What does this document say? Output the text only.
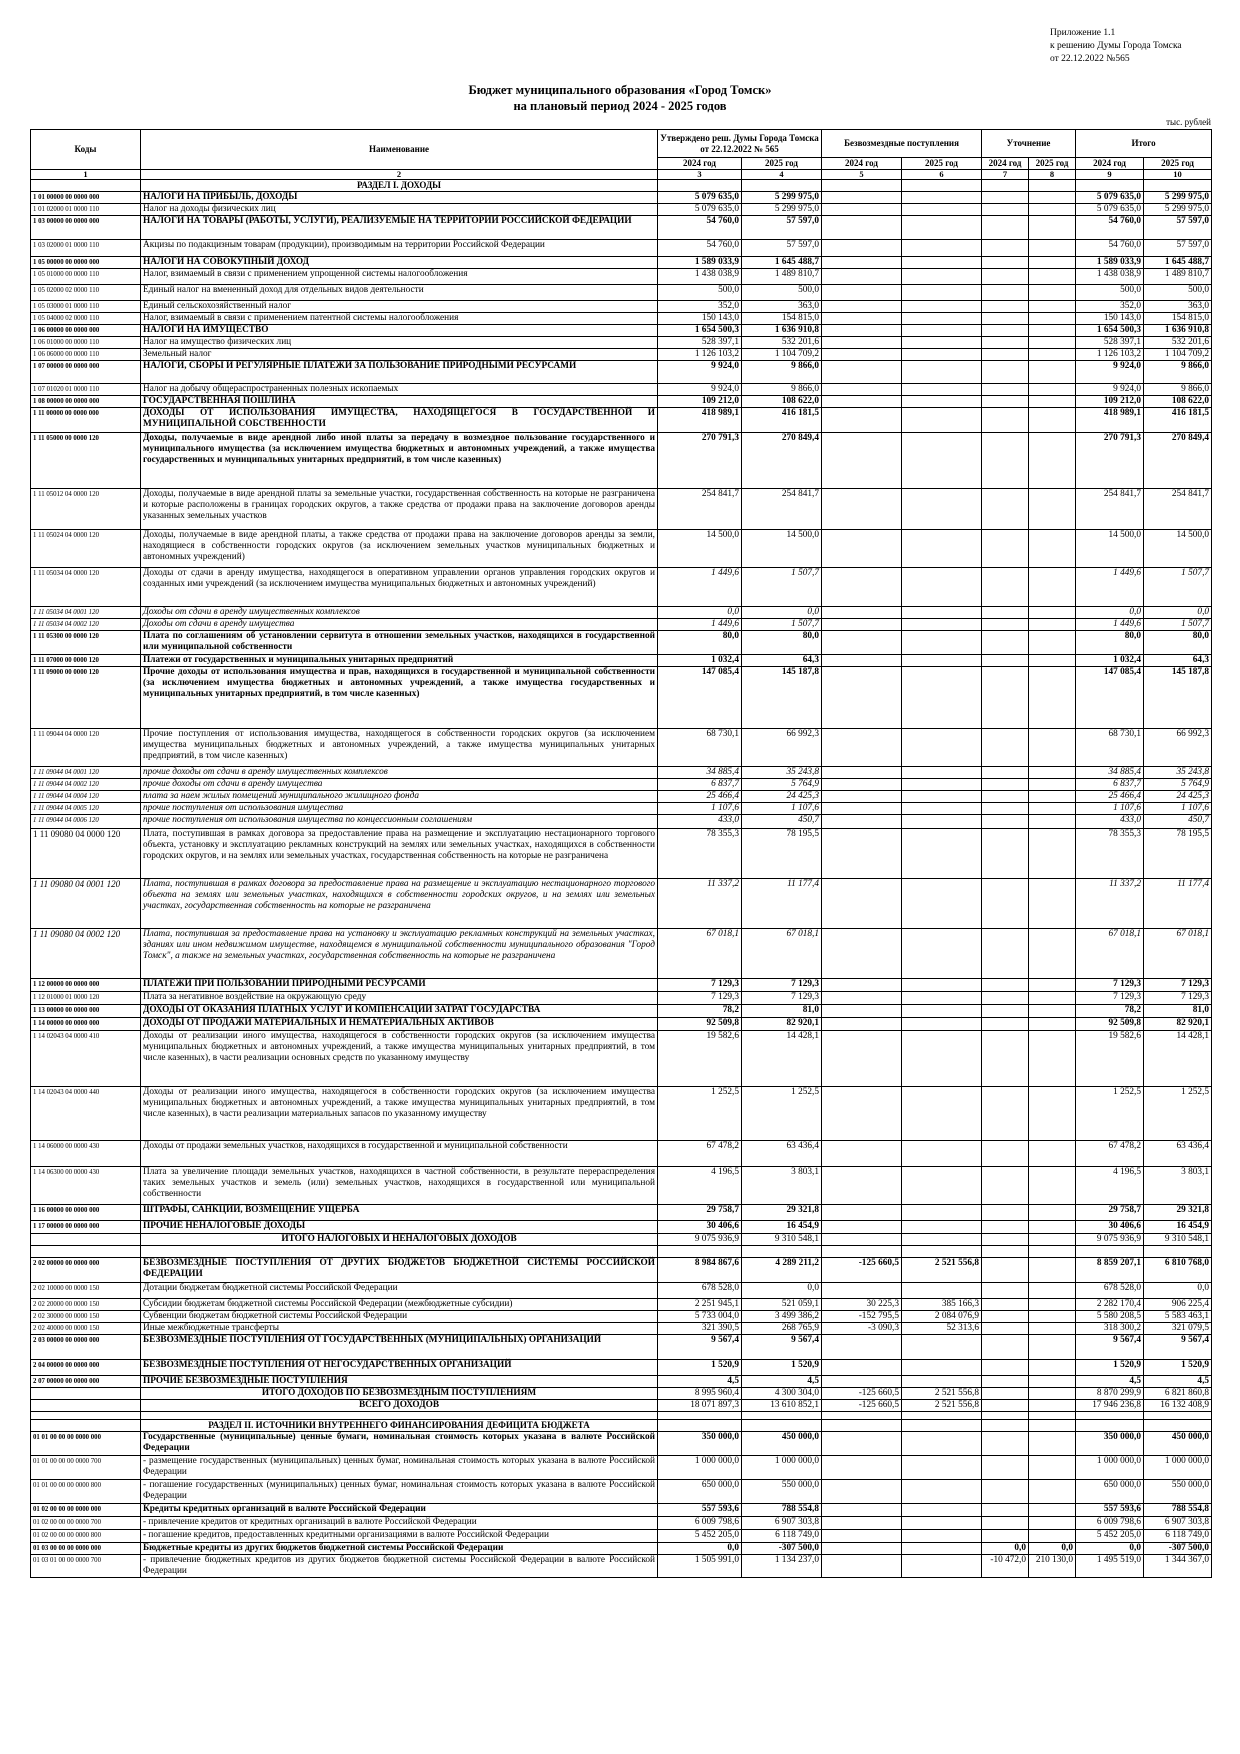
Приложение 1.1
к решению Думы Города Томска
от 22.12.2022 №565
Бюджет муниципального образования «Город Томск»
на плановый период 2024 - 2025 годов
тыс. рублей
Коды	Наименование	Утверждено реш. Думы Города Томска от 22.12.2022 № 565		Безвозмездные поступления		Уточнение		Итого	
		2024 год	2025 год	2024 год	2025 год	2024 год	2025 год	2024 год	2025 год
1	2	3	4	5	6	7	8	9	10
	РАЗДЕЛ I. ДОХОДЫ								
1 01 00000 00 0000 000	НАЛОГИ НА ПРИБЫЛЬ, ДОХОДЫ	5 079 635,0	5 299 975,0					5 079 635,0	5 299 975,0
1 01 02000 01 0000 110	Налог на доходы физических лиц	5 079 635,0	5 299 975,0					5 079 635,0	5 299 975,0
1 03 00000 00 0000 000	НАЛОГИ НА ТОВАРЫ (РАБОТЫ, УСЛУГИ), РЕАЛИЗУЕМЫЕ НА ТЕРРИТОРИИ РОССИЙСКОЙ ФЕДЕРАЦИИ	54 760,0	57 597,0					54 760,0	57 597,0
1 03 02000 01 0000 110	Акцизы по подакцизным товарам (продукции), производимым на территории Российской Федерации	54 760,0	57 597,0					54 760,0	57 597,0
1 05 00000 00 0000 000	НАЛОГИ НА СОВОКУПНЫЙ ДОХОД	1 589 033,9	1 645 488,7					1 589 033,9	1 645 488,7
1 05 01000 00 0000 110	Налог, взимаемый в связи с применением упрощенной системы налогообложения	1 438 038,9	1 489 810,7					1 438 038,9	1 489 810,7
1 05 02000 02 0000 110	Единый налог на вмененный доход для отдельных видов деятельности	500,0	500,0					500,0	500,0
1 05 03000 01 0000 110	Единый сельскохозяйственный налог	352,0	363,0					352,0	363,0
1 05 04000 02 0000 110	Налог, взимаемый в связи с применением патентной системы налогообложения	150 143,0	154 815,0					150 143,0	154 815,0
1 06 00000 00 0000 000	НАЛОГИ НА ИМУЩЕСТВО	1 654 500,3	1 636 910,8					1 654 500,3	1 636 910,8
1 06 01000 00 0000 110	Налог на имущество физических лиц	528 397,1	532 201,6					528 397,1	532 201,6
1 06 06000 00 0000 110	Земельный налог	1 126 103,2	1 104 709,2					1 126 103,2	1 104 709,2
1 07 00000 00 0000 000	НАЛОГИ, СБОРЫ И РЕГУЛЯРНЫЕ ПЛАТЕЖИ ЗА ПОЛЬЗОВАНИЕ ПРИРОДНЫМИ РЕСУРСАМИ	9 924,0	9 866,0					9 924,0	9 866,0
1 07 01020 01 0000 110	Налог на добычу общераспространенных полезных ископаемых	9 924,0	9 866,0					9 924,0	9 866,0
1 08 00000 00 0000 000	ГОСУДАРСТВЕННАЯ ПОШЛИНА	109 212,0	108 622,0					109 212,0	108 622,0
1 11 00000 00 0000 000	ДОХОДЫ ОТ ИСПОЛЬЗОВАНИЯ ИМУЩЕСТВА, НАХОДЯЩЕГОСЯ В ГОСУДАРСТВЕННОЙ И МУНИЦИПАЛЬНОЙ СОБСТВЕННОСТИ	418 989,1	416 181,5					418 989,1	416 181,5
1 11 05000 00 0000 120	Доходы, получаемые в виде арендной либо иной платы за передачу в возмездное пользование государственного и муниципального имущества (за исключением имущества бюджетных и автономных учреждений, а также имущества государственных и муниципальных унитарных предприятий, в том числе казенных)	270 791,3	270 849,4					270 791,3	270 849,4
1 11 05012 04 0000 120	Доходы, получаемые в виде арендной платы за земельные участки, государственная собственность на которые не разграничена и которые расположены в границах городских округов, а также средства от продажи права на заключение договоров аренды указанных земельных участков	254 841,7	254 841,7					254 841,7	254 841,7
1 11 05024 04 0000 120	Доходы, получаемые в виде арендной платы, а также средства от продажи права на заключение договоров аренды за земли, находящиеся в собственности городских округов (за исключением земельных участков муниципальных бюджетных и автономных учреждений)	14 500,0	14 500,0					14 500,0	14 500,0
1 11 05034 04 0000 120	Доходы от сдачи в аренду имущества, находящегося в оперативном управлении органов управления городских округов и созданных ими учреждений (за исключением имущества муниципальных бюджетных и автономных учреждений)	1 449,6	1 507,7					1 449,6	1 507,7
1 11 05034 04 0001 120	Доходы от сдачи в аренду имущественных комплексов	0,0	0,0					0,0	0,0
1 11 05034 04 0002 120	Доходы от сдачи в аренду имущества	1 449,6	1 507,7					1 449,6	1 507,7
1 11 05300 00 0000 120	Плата по соглашениям об установлении сервитута в отношении земельных участков, находящихся в государственной или муниципальной собственности	80,0	80,0					80,0	80,0
1 11 07000 00 0000 120	Платежи от государственных и муниципальных унитарных предприятий	1 032,4	64,3					1 032,4	64,3
1 11 09000 00 0000 120	Прочие доходы от использования имущества и прав, находящихся в государственной и муниципальной собственности (за исключением имущества бюджетных и автономных учреждений, а также имущества государственных и муниципальных унитарных предприятий, в том числе казенных)	147 085,4	145 187,8					147 085,4	145 187,8
1 11 09044 04 0000 120	Прочие поступления от использования имущества, находящегося в собственности городских округов (за исключением имущества муниципальных бюджетных и автономных учреждений, а также имущества муниципальных унитарных предприятий, в том числе казенных)	68 730,1	66 992,3					68 730,1	66 992,3
1 11 09044 04 0001 120	прочие доходы от сдачи в аренду имущественных комплексов	34 885,4	35 243,8					34 885,4	35 243,8
1 11 09044 04 0002 120	прочие доходы от сдачи в аренду имущества	6 837,7	5 764,9					6 837,7	5 764,9
1 11 09044 04 0004 120	плата за наем жилых помещений муниципального жилищного фонда	25 466,4	24 425,3					25 466,4	24 425,3
1 11 09044 04 0005 120	прочие поступления от использования имущества	1 107,6	1 107,6					1 107,6	1 107,6
1 11 09044 04 0006 120	прочие поступления от использования имущества по концессионным соглашениям	433,0	450,7					433,0	450,7
1 11 09080 04 0000 120	Плата, поступившая в рамках договора за предоставление права на размещение и эксплуатацию нестационарного торгового объекта, установку и эксплуатацию рекламных конструкций на землях или земельных участках, находящихся в собственности городских округов, и на землях или земельных участках, государственная собственность на которые не разграничена	78 355,3	78 195,5					78 355,3	78 195,5
1 11 09080 04 0001 120	Плата, поступившая в рамках договора за предоставление права на размещение и эксплуатацию нестационарного торгового объекта на землях или земельных участках, находящихся в собственности городских округов, и на землях или земельных участках, государственная собственность на которые не разграничена	11 337,2	11 177,4					11 337,2	11 177,4
1 11 09080 04 0002 120	Плата, поступившая за предоставление права на установку и эксплуатацию рекламных конструкций на земельных участках, зданиях или ином недвижимом имуществе, находящемся в муниципальной собственности муниципального образования "Город Томск", а также на земельных участках, государственная собственность на которые не разграничена	67 018,1	67 018,1					67 018,1	67 018,1
1 12 00000 00 0000 000	ПЛАТЕЖИ ПРИ ПОЛЬЗОВАНИИ ПРИРОДНЫМИ РЕСУРСАМИ	7 129,3	7 129,3					7 129,3	7 129,3
1 12 01000 01 0000 120	Плата за негативное воздействие на окружающую среду	7 129,3	7 129,3					7 129,3	7 129,3
1 13 00000 00 0000 000	ДОХОДЫ ОТ ОКАЗАНИЯ ПЛАТНЫХ УСЛУГ И КОМПЕНСАЦИИ ЗАТРАТ ГОСУДАРСТВА	78,2	81,0					78,2	81,0
1 14 00000 00 0000 000	ДОХОДЫ ОТ ПРОДАЖИ МАТЕРИАЛЬНЫХ И НЕМАТЕРИАЛЬНЫХ АКТИВОВ	92 509,8	82 920,1					92 509,8	82 920,1
1 14 02043 04 0000 410	Доходы от реализации иного имущества, находящегося в собственности городских округов (за исключением имущества муниципальных бюджетных и автономных учреждений, а также имущества муниципальных унитарных предприятий, в том числе казенных), в части реализации основных средств по указанному имуществу	19 582,6	14 428,1					19 582,6	14 428,1
1 14 02043 04 0000 440	Доходы от реализации иного имущества, находящегося в собственности городских округов (за исключением имущества муниципальных бюджетных и автономных учреждений, а также имущества муниципальных унитарных предприятий, в том числе казенных), в части реализации материальных запасов по указанному имуществу	1 252,5	1 252,5					1 252,5	1 252,5
1 14 06000 00 0000 430	Доходы от продажи земельных участков, находящихся в государственной и муниципальной собственности	67 478,2	63 436,4					67 478,2	63 436,4
1 14 06300 00 0000 430	Плата за увеличение площади земельных участков, находящихся в частной собственности, в результате перераспределения таких земельных участков и земель (или) земельных участков, находящихся в государственной или муниципальной собственности	4 196,5	3 803,1					4 196,5	3 803,1
1 16 00000 00 0000 000	ШТРАФЫ, САНКЦИИ, ВОЗМЕЩЕНИЕ УЩЕРБА	29 758,7	29 321,8					29 758,7	29 321,8
1 17 00000 00 0000 000	ПРОЧИЕ НЕНАЛОГОВЫЕ ДОХОДЫ	30 406,6	16 454,9					30 406,6	16 454,9
	ИТОГО НАЛОГОВЫХ И НЕНАЛОГОВЫХ ДОХОДОВ	9 075 936,9	9 310 548,1					9 075 936,9	9 310 548,1

2 02 00000 00 0000 000	БЕЗВОЗМЕЗДНЫЕ ПОСТУПЛЕНИЯ ОТ ДРУГИХ БЮДЖЕТОВ БЮДЖЕТНОЙ СИСТЕМЫ РОССИЙСКОЙ ФЕДЕРАЦИИ	8 984 867,6	4 289 211,2	-125 660,5	2 521 556,8			8 859 207,1	6 810 768,0
2 02 10000 00 0000 150	Дотации бюджетам бюджетной системы Российской Федерации	678 528,0	0,0					678 528,0	0,0
2 02 20000 00 0000 150	Субсидии бюджетам бюджетной системы Российской Федерации (межбюджетные субсидии)	2 251 945,1	521 059,1	30 225,3	385 166,3			2 282 170,4	906 225,4
2 02 30000 00 0000 150	Субвенции бюджетам бюджетной системы Российской Федерации	5 733 004,0	3 499 386,2	-152 795,5	2 084 076,9			5 580 208,5	5 583 463,1
2 02 40000 00 0000 150	Иные межбюджетные трансферты	321 390,5	268 765,9	-3 090,3	52 313,6			318 300,2	321 079,5
2 03 00000 00 0000 000	БЕЗВОЗМЕЗДНЫЕ ПОСТУПЛЕНИЯ ОТ ГОСУДАРСТВЕННЫХ (МУНИЦИПАЛЬНЫХ) ОРГАНИЗАЦИЙ	9 567,4	9 567,4					9 567,4	9 567,4
2 04 00000 00 0000 000	БЕЗВОЗМЕЗДНЫЕ ПОСТУПЛЕНИЯ ОТ НЕГОСУДАРСТВЕННЫХ ОРГАНИЗАЦИЙ	1 520,9	1 520,9					1 520,9	1 520,9
2 07 00000 00 0000 000	ПРОЧИЕ БЕЗВОЗМЕЗДНЫЕ ПОСТУПЛЕНИЯ	4,5	4,5					4,5	4,5
	ИТОГО ДОХОДОВ ПО БЕЗВОЗМЕЗДНЫМ ПОСТУПЛЕНИЯМ	8 995 960,4	4 300 304,0	-125 660,5	2 521 556,8			8 870 299,9	6 821 860,8
	ВСЕГО ДОХОДОВ	18 071 897,3	13 610 852,1	-125 660,5	2 521 556,8			17 946 236,8	16 132 408,9

	РАЗДЕЛ II. ИСТОЧНИКИ ВНУТРЕННЕГО ФИНАНСИРОВАНИЯ ДЕФИЦИТА БЮДЖЕТА								
01 01 00 00 00 0000 000	Государственные (муниципальные) ценные бумаги, номинальная стоимость которых указана в валюте Российской Федерации	350 000,0	450 000,0					350 000,0	450 000,0
01 01 00 00 00 0000 700	- размещение государственных (муниципальных) ценных бумаг, номинальная стоимость которых указана в валюте Российской Федерации	1 000 000,0	1 000 000,0					1 000 000,0	1 000 000,0
01 01 00 00 00 0000 800	- погашение государственных (муниципальных) ценных бумаг, номинальная стоимость которых указана в валюте Российской Федерации	650 000,0	550 000,0					650 000,0	550 000,0
01 02 00 00 00 0000 000	Кредиты кредитных организаций в валюте Российской Федерации	557 593,6	788 554,8					557 593,6	788 554,8
01 02 00 00 00 0000 700	- привлечение кредитов от кредитных организаций в валюте Российской Федерации	6 009 798,6	6 907 303,8					6 009 798,6	6 907 303,8
01 02 00 00 00 0000 800	- погашение кредитов, предоставленных кредитными организациями в валюте Российской Федерации	5 452 205,0	6 118 749,0					5 452 205,0	6 118 749,0
01 03 00 00 00 0000 000	Бюджетные кредиты из других бюджетов бюджетной системы Российской Федерации	0,0	-307 500,0			0,0	0,0	0,0	-307 500,0
01 03 01 00 00 0000 700	- привлечение бюджетных кредитов из других бюджетов бюджетной системы Российской Федерации в валюте Российской Федерации	1 505 991,0	1 134 237,0			-10 472,0	210 130,0	1 495 519,0	1 344 367,0
